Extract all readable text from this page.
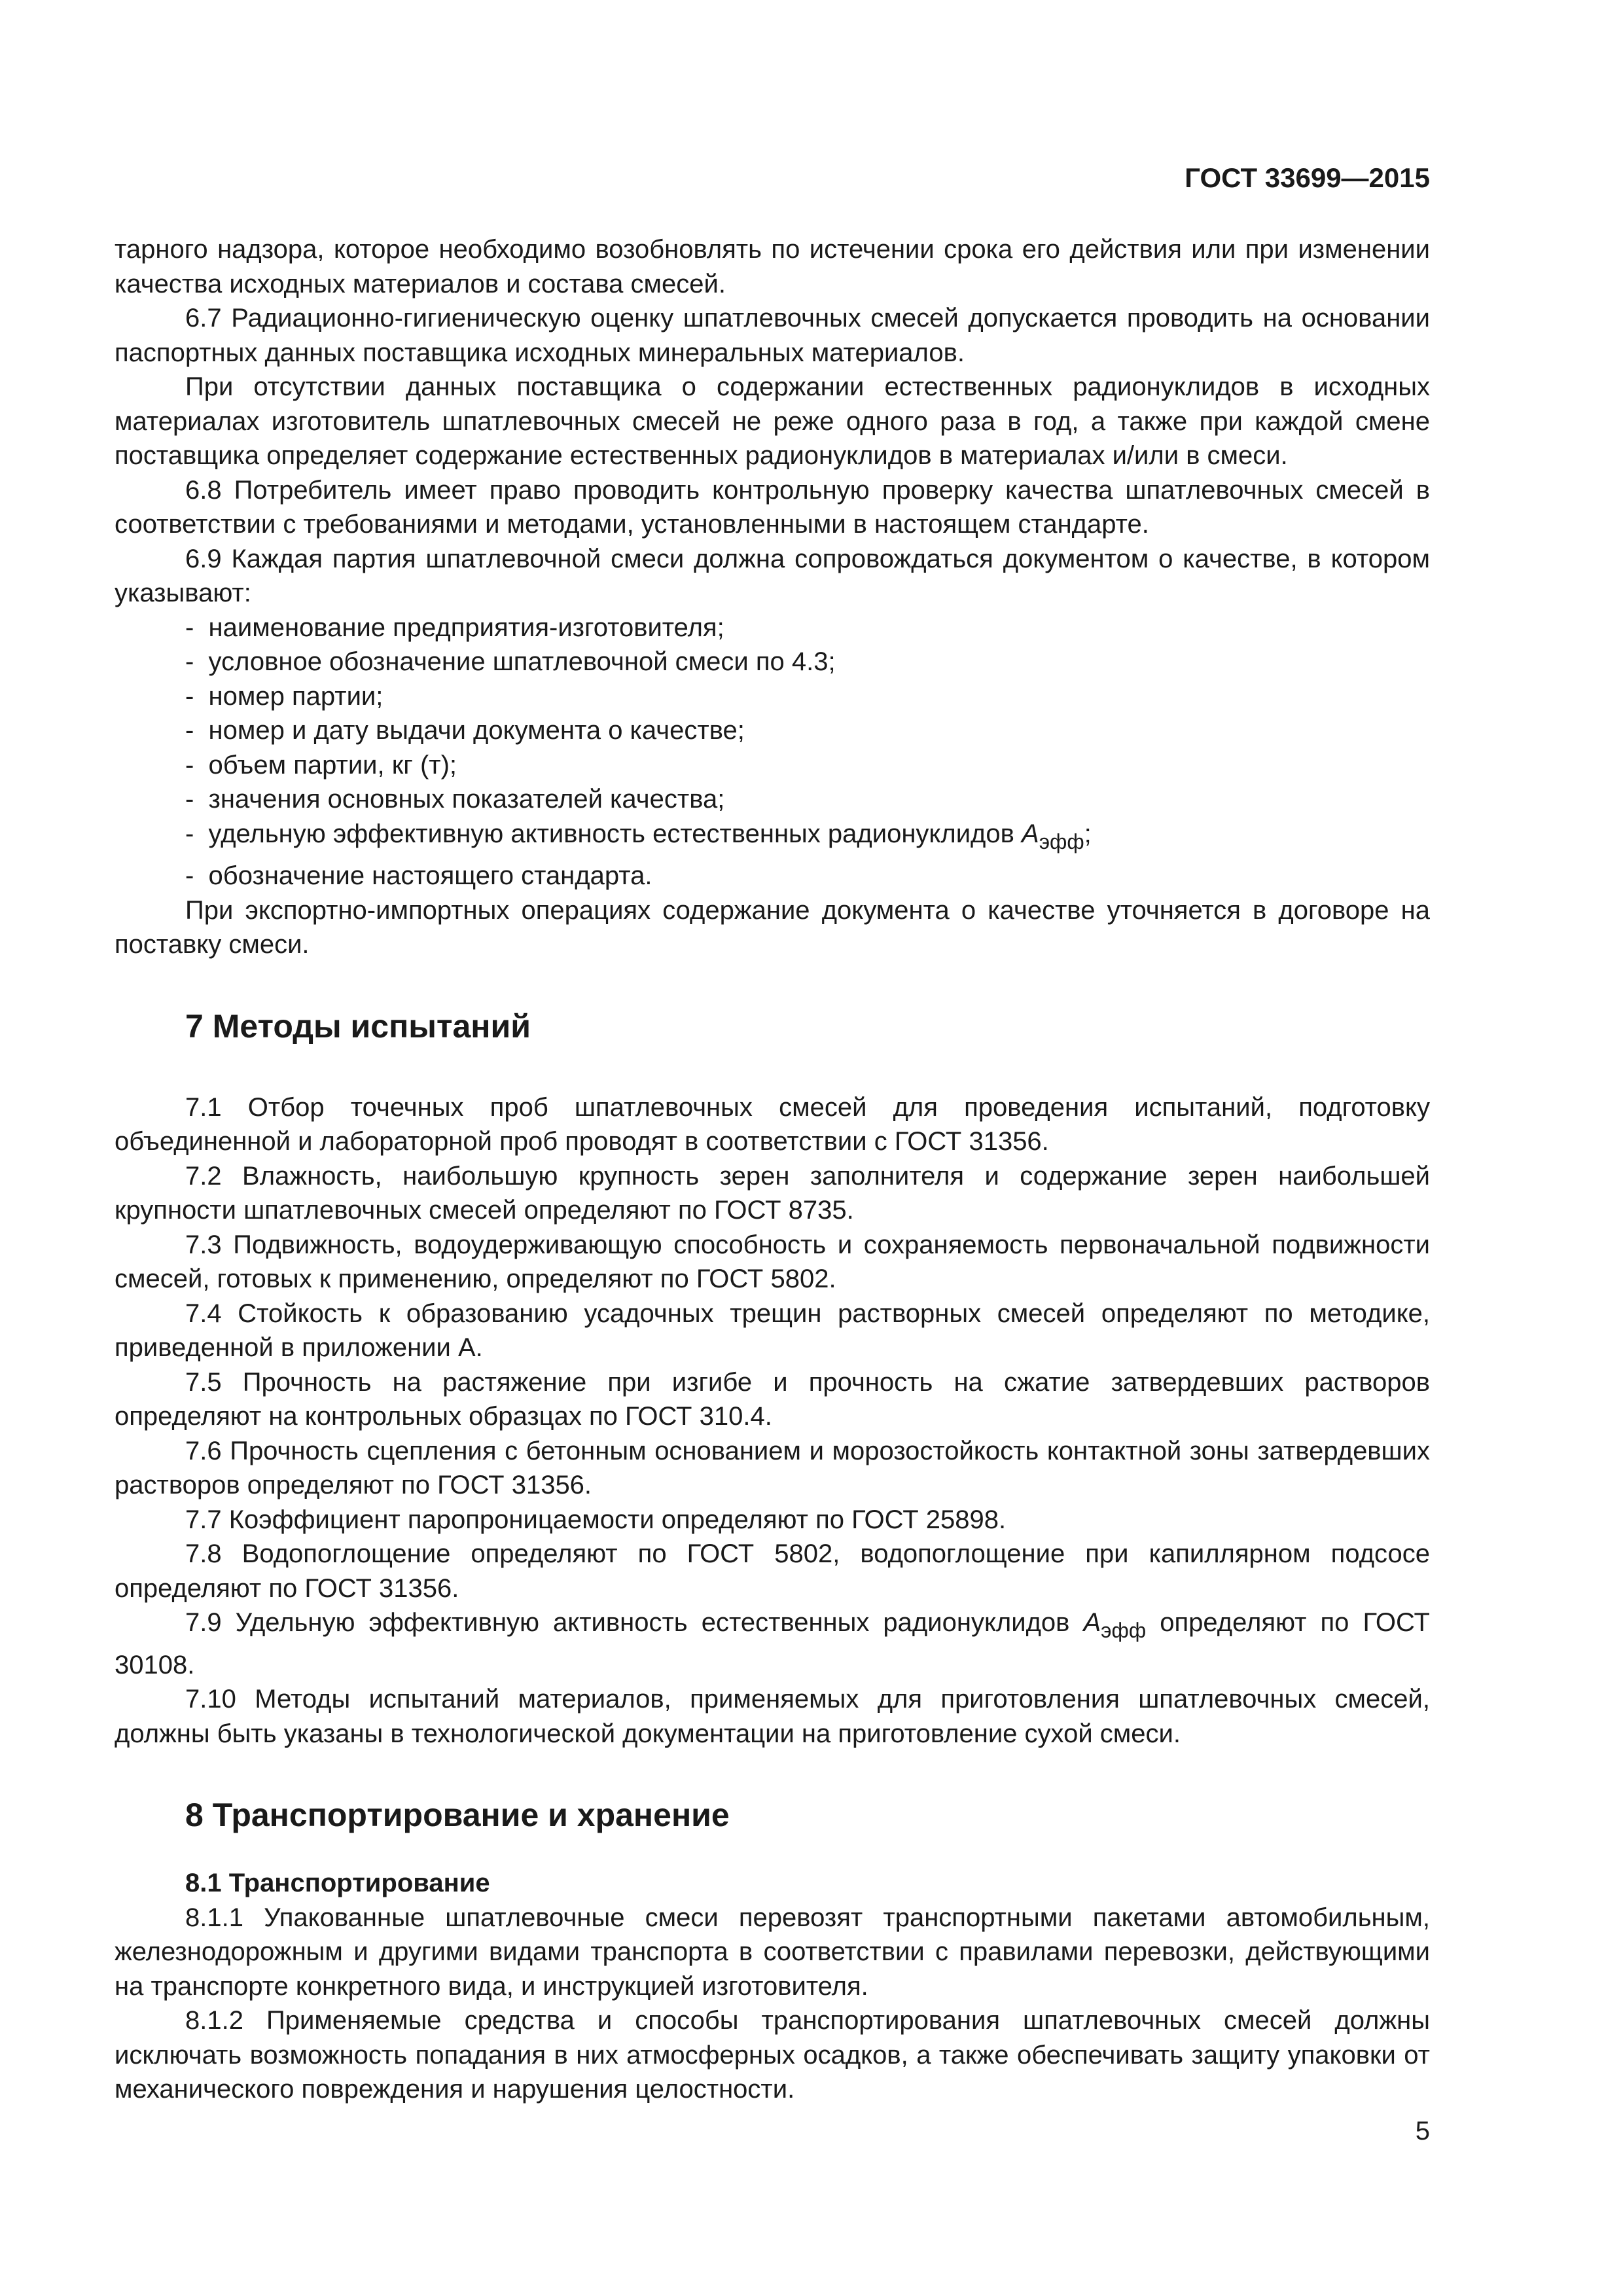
ГОСТ 33699—2015

тарного надзора, которое необходимо возобновлять по истечении срока его действия или при изменении качества исходных материалов и состава смесей.

6.7 Радиационно-гигиеническую оценку шпатлевочных смесей допускается проводить на основании паспортных данных поставщика исходных минеральных материалов.

При отсутствии данных поставщика о содержании естественных радионуклидов в исходных материалах изготовитель шпатлевочных смесей не реже одного раза в год, а также при каждой смене поставщика определяет содержание естественных радионуклидов в материалах и/или в смеси.

6.8 Потребитель имеет право проводить контрольную проверку качества шпатлевочных смесей в соответствии с требованиями и методами, установленными в настоящем стандарте.

6.9 Каждая партия шпатлевочной смеси должна сопровождаться документом о качестве, в котором указывают:

-  наименование предприятия-изготовителя;
-  условное обозначение шпатлевочной смеси по 4.3;
-  номер партии;
-  номер и дату выдачи документа о качестве;
-  объем партии, кг (т);
-  значения основных показателей качества;
-  удельную эффективную активность естественных радионуклидов $А_{эфф}$;
-  обозначение настоящего стандарта.

При экспортно-импортных операциях содержание документа о качестве уточняется в договоре на поставку смеси.

7 Методы испытаний

7.1 Отбор точечных проб шпатлевочных смесей для проведения испытаний, подготовку объединенной и лабораторной проб проводят в соответствии с ГОСТ 31356.

7.2 Влажность, наибольшую крупность зерен заполнителя и содержание зерен наибольшей крупности шпатлевочных смесей определяют по ГОСТ 8735.

7.3 Подвижность, водоудерживающую способность и сохраняемость первоначальной подвижности смесей, готовых к применению, определяют по ГОСТ 5802.

7.4 Стойкость к образованию усадочных трещин растворных смесей определяют по методике, приведенной в приложении А.

7.5 Прочность на растяжение при изгибе и прочность на сжатие затвердевших растворов определяют на контрольных образцах по ГОСТ 310.4.

7.6 Прочность сцепления с бетонным основанием и морозостойкость контактной зоны затвердевших растворов определяют по ГОСТ 31356.

7.7 Коэффициент паропроницаемости определяют по ГОСТ 25898.

7.8 Водопоглощение определяют по ГОСТ 5802, водопоглощение при капиллярном подсосе определяют по ГОСТ 31356.

7.9 Удельную эффективную активность естественных радионуклидов $А_{эфф}$ определяют по ГОСТ 30108.

7.10 Методы испытаний материалов, применяемых для приготовления шпатлевочных смесей, должны быть указаны в технологической документации на приготовление сухой смеси.

8 Транспортирование и хранение
8.1 Транспортирование

8.1.1 Упакованные шпатлевочные смеси перевозят транспортными пакетами автомобильным, железнодорожным и другими видами транспорта в соответствии с правилами перевозки, действующими на транспорте конкретного вида, и инструкцией изготовителя.

8.1.2 Применяемые средства и способы транспортирования шпатлевочных смесей должны исключать возможность попадания в них атмосферных осадков, а также обеспечивать защиту упаковки от механического повреждения и нарушения целостности.

5
